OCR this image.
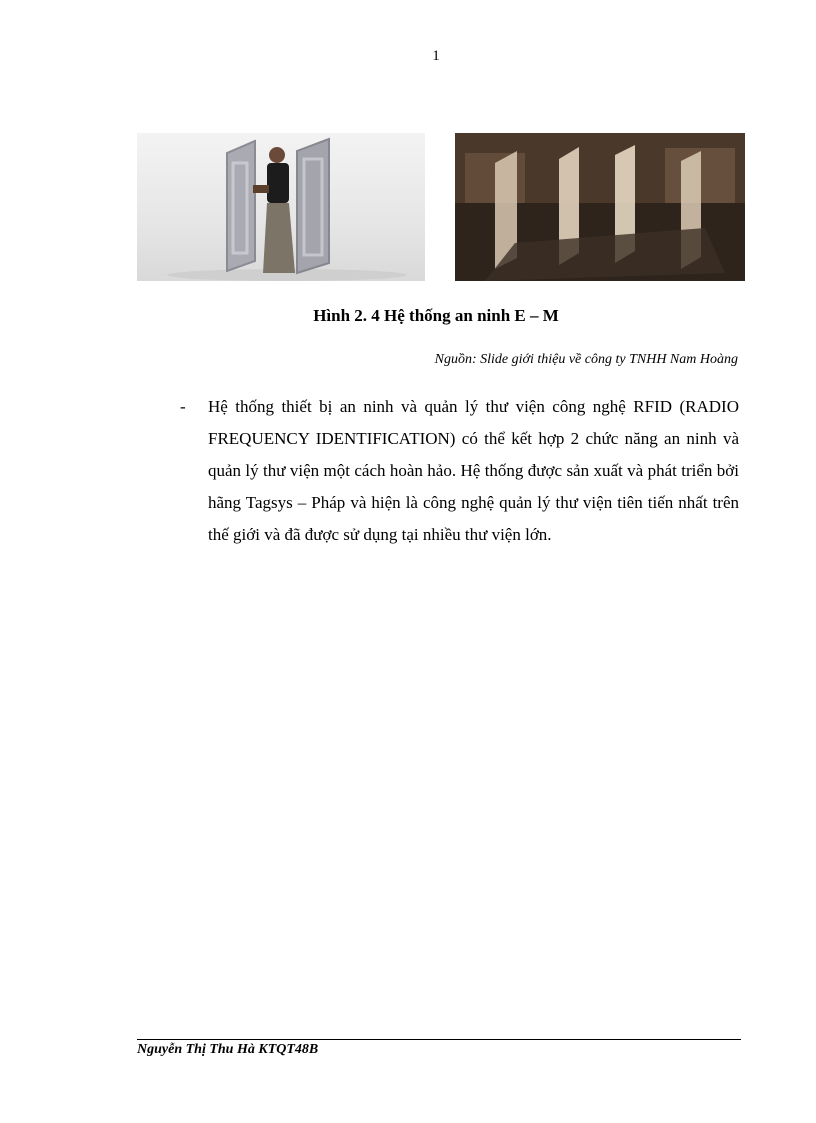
1
Hình 2. 4 Hệ thống an ninh E – M
Nguồn: Slide giới thiệu về công ty TNHH Nam Hoàng
-	Hệ thống thiết bị an ninh và quản lý thư viện công nghệ RFID (RADIO FREQUENCY IDENTIFICATION) có thể kết hợp 2 chức năng an ninh và quản lý thư viện một cách hoàn hảo. Hệ thống được sản xuất và phát triển bởi hãng Tagsys – Pháp và hiện là công nghệ quản lý thư viện tiên tiến nhất trên thế giới và đã được sử dụng tại nhiều thư viện lớn.
Nguyễn Thị Thu Hà KTQT48B
